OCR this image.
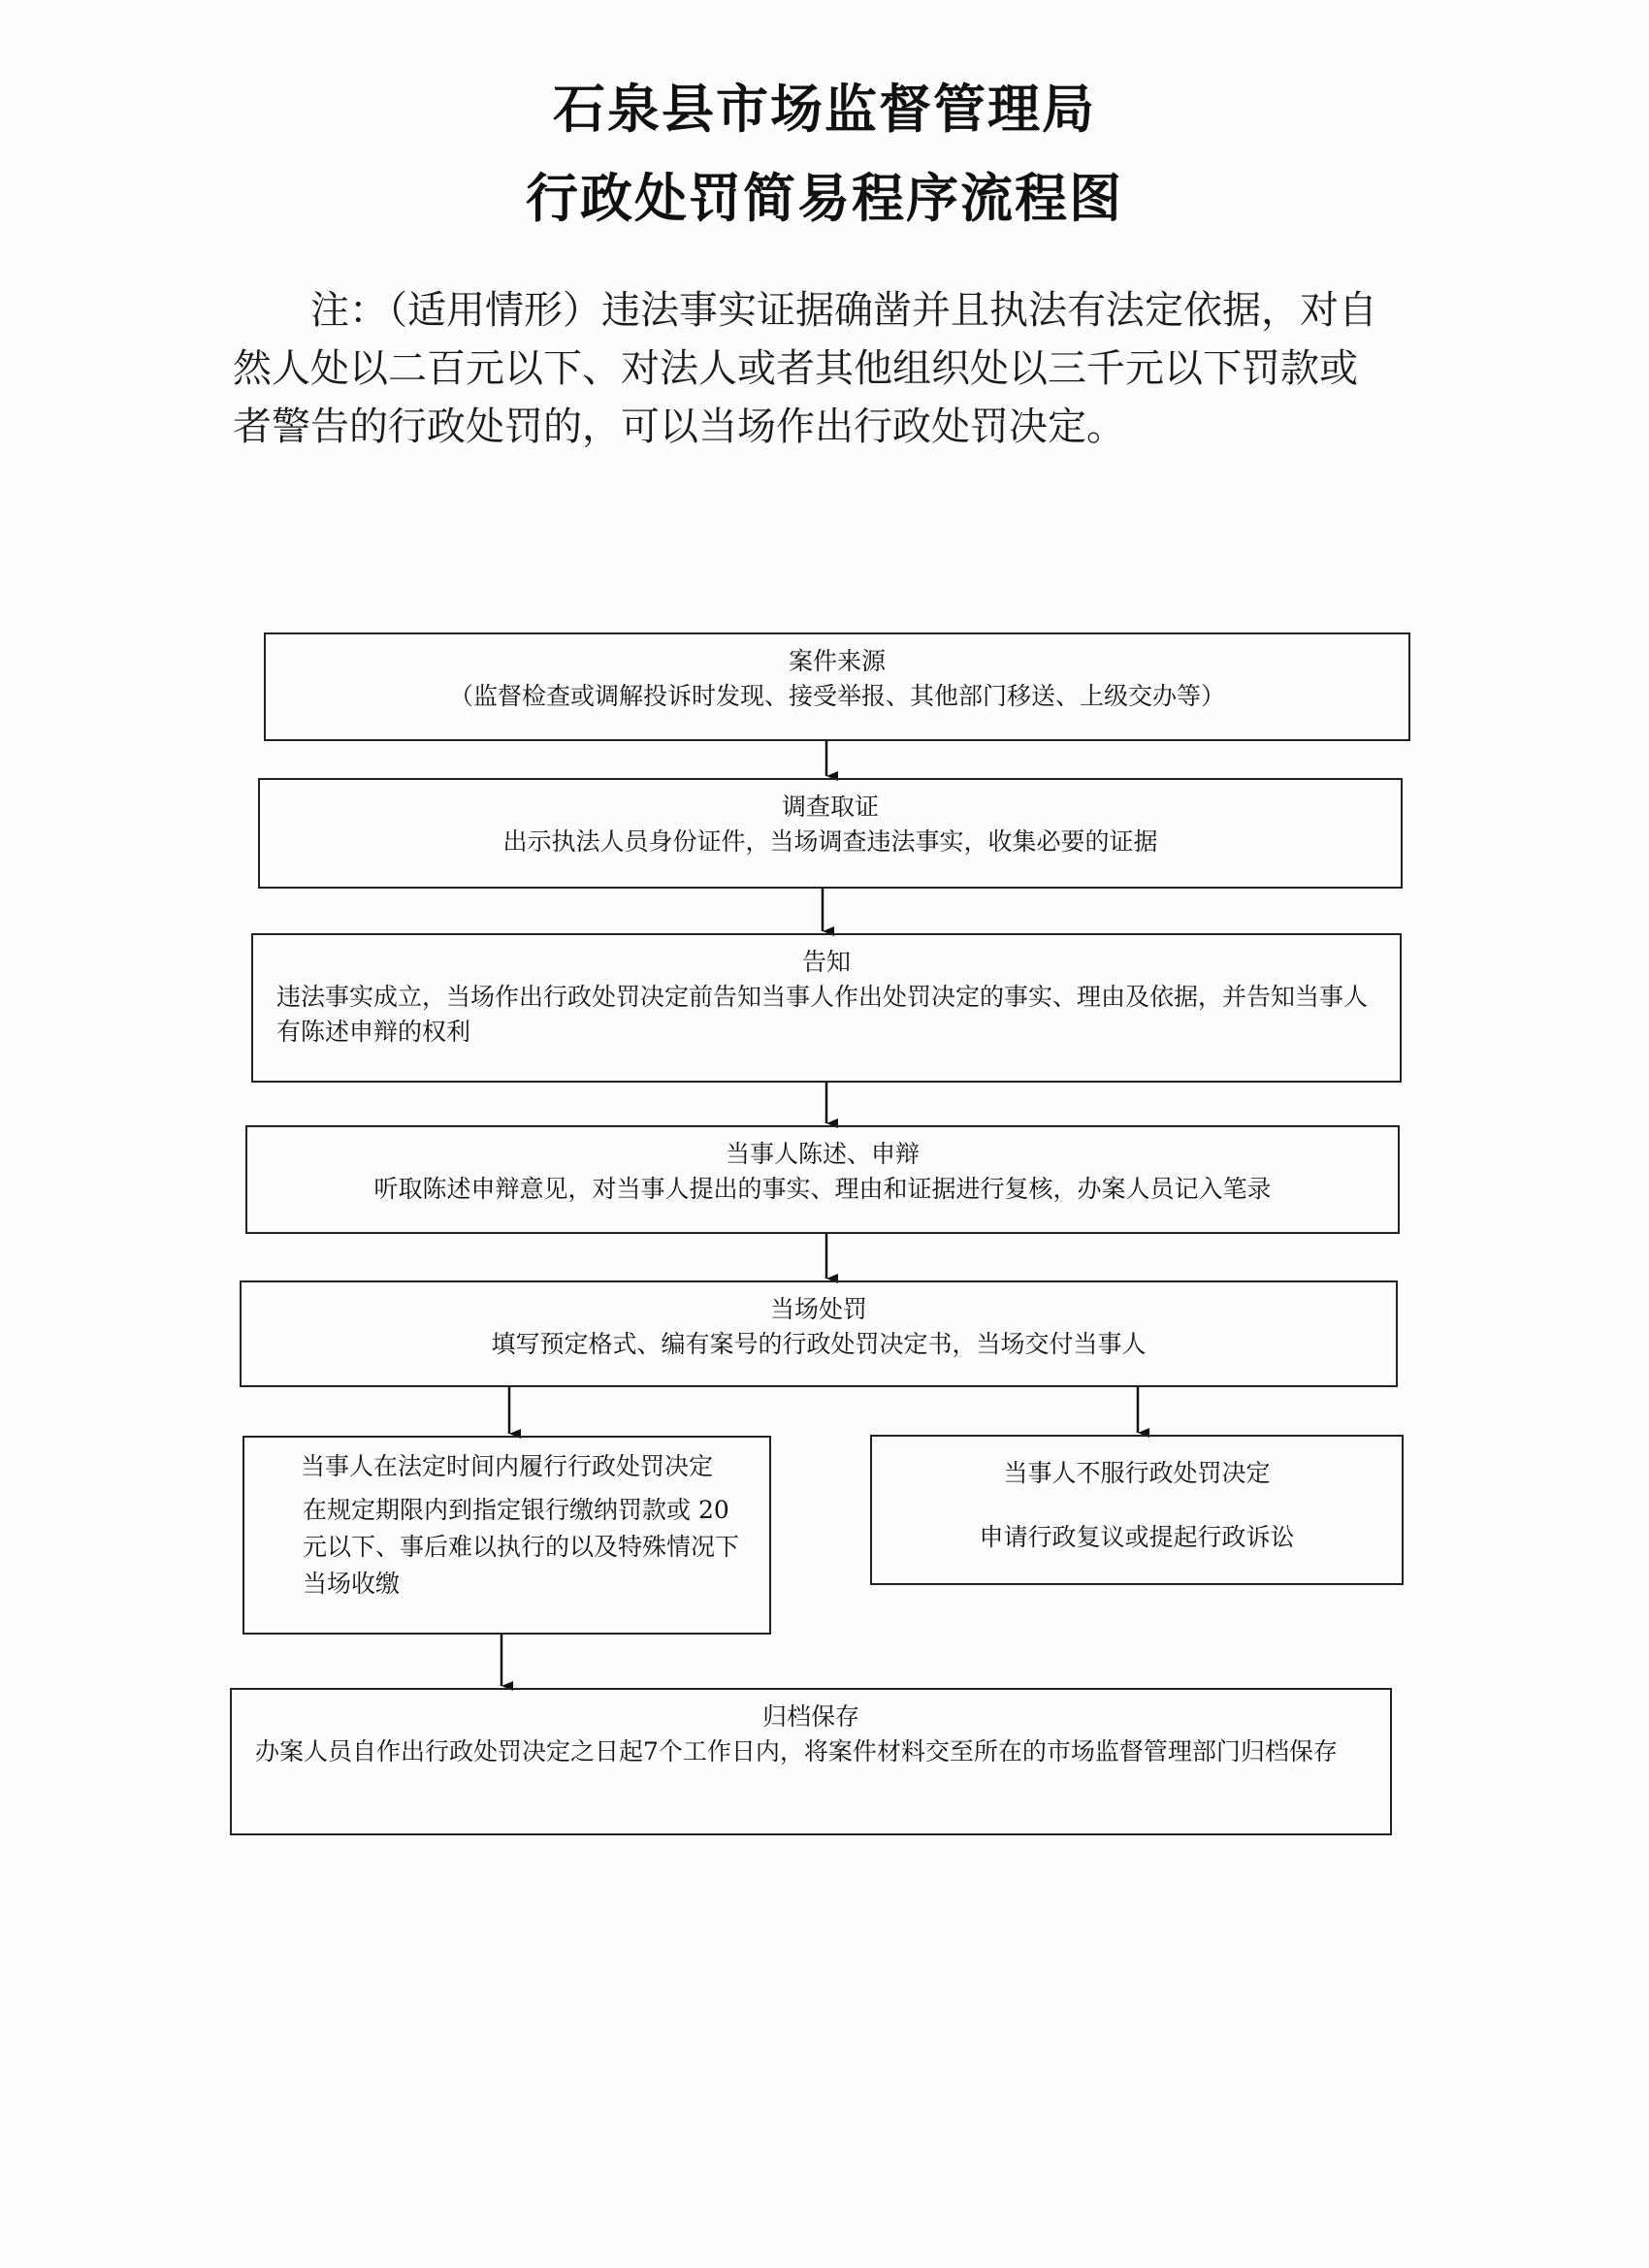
石泉县市场监督管理局
行政处罚简易程序流程图

注：（适用情形）违法事实证据确凿并且执法有法定依据，对自然人处以二百元以下、对法人或者其他组织处以三千元以下罚款或者警告的行政处罚的，可以当场作出行政处罚决定。

案件来源
（监督检查或调解投诉时发现、接受举报、其他部门移送、上级交办等）
调查取证
出示执法人员身份证件，当场调查违法事实，收集必要的证据
告知
违法事实成立，当场作出行政处罚决定前告知当事人作出处罚决定的事实、理由及依据，并告知当事人有陈述申辩的权利
当事人陈述、申辩
听取陈述申辩意见，对当事人提出的事实、理由和证据进行复核，办案人员记入笔录
当场处罚
填写预定格式、编有案号的行政处罚决定书，当场交付当事人
当事人在法定时间内履行行政处罚决定
在规定期限内到指定银行缴纳罚款或 20 元以下、事后难以执行的以及特殊情况下当场收缴
当事人不服行政处罚决定
申请行政复议或提起行政诉讼
归档保存
办案人员自作出行政处罚决定之日起7个工作日内，将案件材料交至所在的市场监督管理部门归档保存
